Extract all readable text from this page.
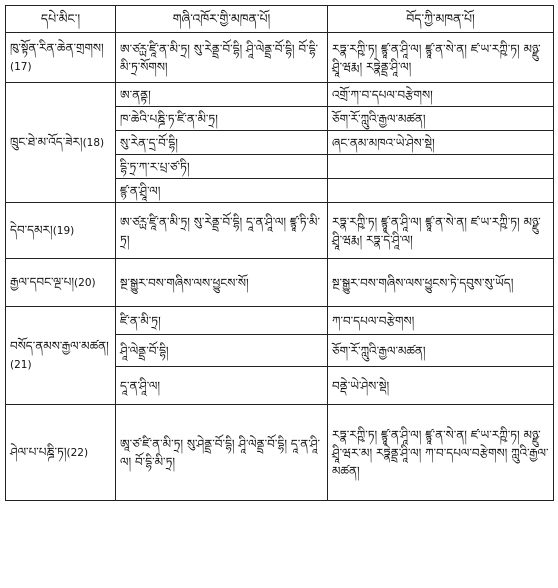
དཔེ་མིང་།	གཞི་འཁོར་གྱི་མཁན་པོ།	བོད་ཀྱི་མཁན་པོ།
ཁུ་སྟོན་རིན་ཆེན་གྲགས།(17)	ཨ་ཙཪྻ་ཛཱི་ན་མི་ཏྲ། སུ་རེནྡྲ་བོ་དྷི། ཤཱི་ལེནྡྲ་བོ་དྷི། བོ་དྷི་མི་ཏྲ་སོགས།	རཏྣ་རཀྵི་ཏ། ཛྙཱ་ན་ཤཱི་ལ། ཛྙཱ་ན་སེ་ན། ཛ་ཡ་རཀྵི་ཏ། མཉྫུ་ཤྲཱི་ཝརྨ། རཏྣེནྡྲ་ཤཱི་ལ།
ཁྲུང་ཐེ་མ་འོད་ཟེར།(18)	ཨ་ནནྟ།	འགྲོ་ཀ་བ་དཔལ་བརྩེགས།
	ཁ་ཆེའི་པཎྜི་ཏ་ཛི་ན་མི་ཏྲ།	ཅོག་རོ་ཀླུའི་རྒྱལ་མཚན།
	སུ་རེན་དྲ་བོ་དྷི།	ཞང་ནམ་མཁའ་ཡེ་ཤེས་སྡེ།
	དྷི་ཏྲ་ཀ་ར་པྲ་ཙ་ཏི།	
	ཛྙ་ན་ཤྲཱི་ལ།	
དེབ་དམར།(19)	ཨ་ཙཪྻ་ཛཱི་ན་མི་ཏྲ། སུ་རེནྡྲ་བོ་དྷི། དཱ་ན་ཤཱི་ལ། ཛྙཱ་ཏི་མི་ཏྲ།	རཏྣ་རཀྵི་ཏ། ཛྙཱ་ན་ཤཱི་ལ། ཛྙཱ་ན་སེ་ན། ཛ་ཡ་རཀྵི་ཏ། མཉྫུ་ཤྲཱི་ཝརྨ། རཏྣ་དེ་ཤཱི་ལ།
རྒྱལ་དབང་ལྔ་པ།(20)	སྔ་སྒྱུར་བས་གཞིས་ལས་ཕྱུངས་སོ།	སྔ་སྒྱུར་བས་གཞིས་ལས་ཕྱུངས་ཏེ་དབུས་སུ་ཡོད།
བསོད་ནམས་རྒྱལ་མཚན།(21)	ཛི་ན་མི་ཏྲ།	ཀ་བ་དཔལ་བརྩེགས།
	ཤཱི་ལེནྡྲ་བོ་དྷི།	ཅོག་རོ་ཀླུའི་རྒྱལ་མཚན།
	དཱ་ན་ཤཱི་ལ།	བནྡེ་ཡེ་ཤེས་སྡེ།
ཤེལ་པ་པཎྜི་ཏ།(22)	ཨཱ་ཙ་ཛི་ན་མི་ཏྲ། སུ་ཤེནྡྲ་བོ་དྷི། ཤཱི་ལེནྡྲ་བོ་དྷི། དཱ་ན་ཤཱི་ལ། བོ་དྷི་མི་ཏྲ།	རཏྣ་རཀྵི་ཏ། ཛྙཱ་ན་ཤཱི་ལ། ཛྙཱ་ན་སེ་ན། ཛ་ཡ་རཀྵི་ཏ། མཉྫུ་ཤྲཱི་ཝར་མ། རཏྣེནྡྲ་ཤཱི་ལ། ཀ་བ་དཔལ་བརྩེགས། ཀླུའི་རྒྱལ་མཚན།
